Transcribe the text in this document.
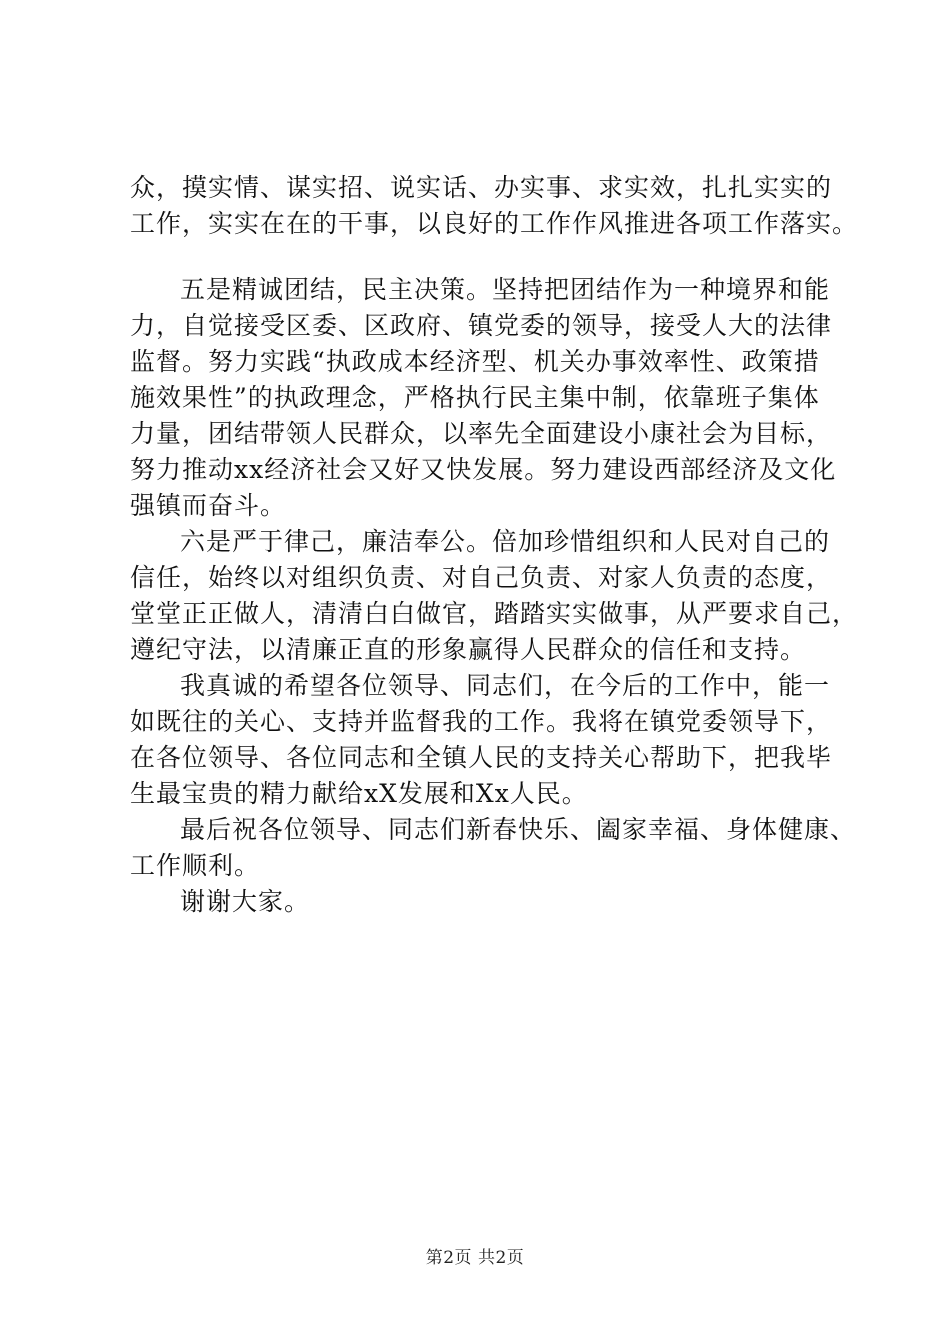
众，摸实情、谋实招、说实话、办实事、求实效，扎扎实实的
工作，实实在在的干事，以良好的工作作风推进各项工作落实。
五是精诚团结，民主决策。坚持把团结作为一种境界和能
力，自觉接受区委、区政府、镇党委的领导，接受人大的法律
监督。努力实践“执政成本经济型、机关办事效率性、政策措
施效果性”的执政理念，严格执行民主集中制，依靠班子集体
力量，团结带领人民群众，以率先全面建设小康社会为目标，
努力推动xx经济社会又好又快发展。努力建设西部经济及文化
强镇而奋斗。
六是严于律己，廉洁奉公。倍加珍惜组织和人民对自己的
信任，始终以对组织负责、对自己负责、对家人负责的态度，
堂堂正正做人，清清白白做官，踏踏实实做事，从严要求自己，
遵纪守法，以清廉正直的形象赢得人民群众的信任和支持。
我真诚的希望各位领导、同志们，在今后的工作中，能一
如既往的关心、支持并监督我的工作。我将在镇党委领导下，
在各位领导、各位同志和全镇人民的支持关心帮助下，把我毕
生最宝贵的精力献给xX发展和Xx人民。
最后祝各位领导、同志们新春快乐、阖家幸福、身体健康、
工作顺利。
谢谢大家。
第2页 共2页
